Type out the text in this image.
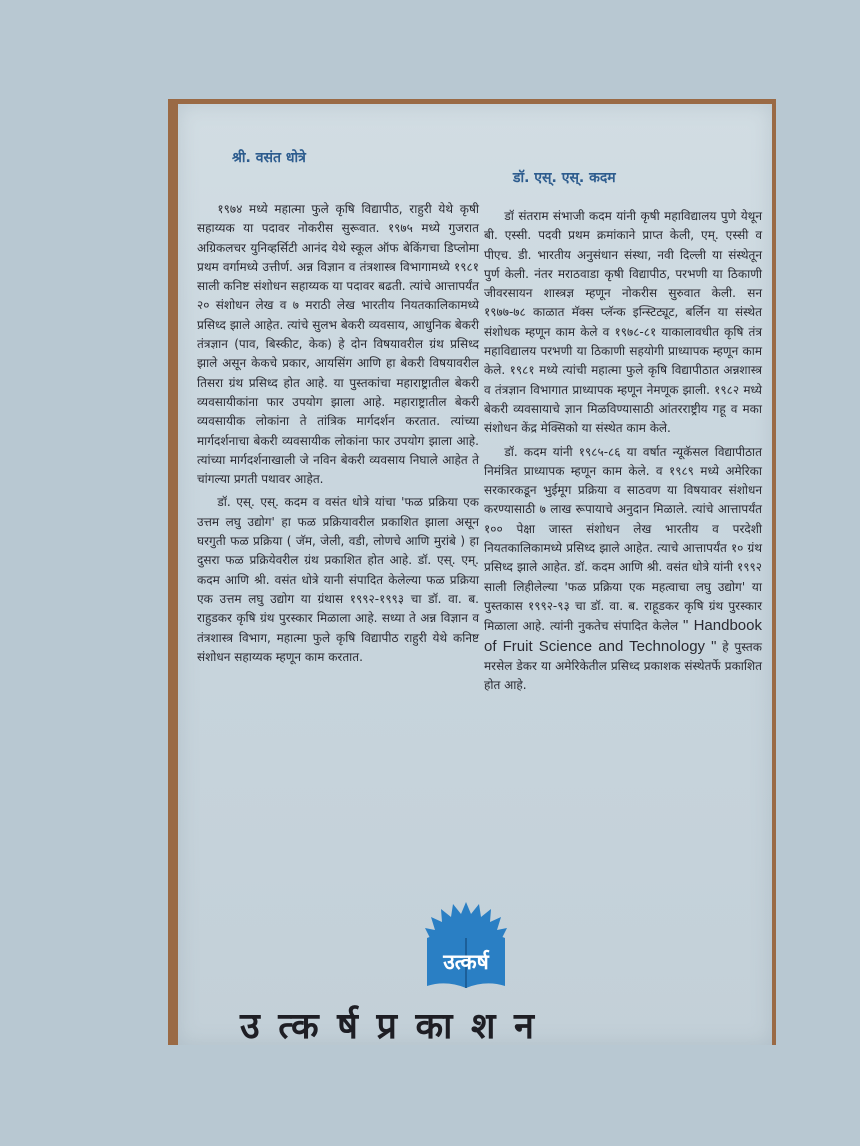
श्री. वसंत धोत्रे
डॉ. एस्. एस्. कदम

१९७४ मध्ये महात्मा फुले कृषि विद्यापीठ, राहुरी येथे कृषी सहाय्यक या पदावर नोकरीस सुरूवात. १९७५ मध्ये गुजरात अग्रिकलचर युनिव्हर्सिटी आनंद येथे स्कूल ऑफ बेकिंगचा डिप्लोमा प्रथम वर्गामध्ये उत्तीर्ण. अन्न विज्ञान व तंत्रशास्त्र विभागामध्ये १९८१ साली कनिष्ट संशोधन सहाय्यक या पदावर बढती. त्यांचे आत्तापर्यंत २० संशोधन लेख व ७ मराठी लेख भारतीय नियतकालिकामध्ये प्रसिध्द झाले आहेत. त्यांचे सुलभ बेकरी व्यवसाय, आधुनिक बेकरी तंत्रज्ञान (पाव, बिस्कीट, केक) हे दोन विषयावरील ग्रंथ प्रसिध्द झाले असून केकचे प्रकार, आयसिंग आणि हा बेकरी विषयावरील तिसरा ग्रंथ प्रसिध्द होत आहे. या पुस्तकांचा महाराष्ट्रातील बेकरी व्यवसायीकांना फार उपयोग झाला आहे. महाराष्ट्रातील बेकरी व्यवसायीक लोकांना ते तांत्रिक मार्गदर्शन करतात. त्यांच्या मार्गदर्शनाचा बेकरी व्यवसायीक लोकांना फार उपयोग झाला आहे. त्यांच्या मार्गदर्शनाखाली जे नविन बेकरी व्यवसाय निघाले आहेत ते चांगल्या प्रगती पथावर आहेत.

डॉ. एस्. एस्. कदम व वसंत धोत्रे यांचा 'फळ प्रक्रिया एक उत्तम लघु उद्योग' हा फळ प्रक्रियावरील प्रकाशित झाला असून घरगुती फळ प्रक्रिया ( जॅम, जेली, वडी, लोणचे आणि मुरांबे ) हा दुसरा फळ प्रक्रियेवरील ग्रंथ प्रकाशित होत आहे. डॉ. एस्. एम्. कदम आणि श्री. वसंत धोत्रे यानी संपादित केलेल्या फळ प्रक्रिया एक उत्तम लघु उद्योग या ग्रंथास १९९२-१९९३ चा डॉ. वा. ब. राहुडकर कृषि ग्रंथ पुरस्कार मिळाला आहे. सध्या ते अन्न विज्ञान व तंत्रशास्त्र विभाग, महात्मा फुले कृषि विद्यापीठ राहुरी येथे कनिष्ट संशोधन सहाय्यक म्हणून काम करतात.

डॉ संतराम संभाजी कदम यांनी कृषी महाविद्यालय पुणे येथून बी. एस्सी. पदवी प्रथम क्रमांकाने प्राप्त केली, एम्. एस्सी व पीएच. डी. भारतीय अनुसंधान संस्था, नवी दिल्ली या संस्थेतून पुर्ण केली. नंतर मराठवाडा कृषी विद्यापीठ, परभणी या ठिकाणी जीवरसायन शास्त्रज्ञ म्हणून नोकरीस सुरुवात केली. सन १९७७-७८ काळात मॅक्स प्लॅन्क इन्स्टिट्यूट, बर्लिन या संस्थेत संशोधक म्हणून काम केले व १९७८-८१ याकालावधीत कृषि तंत्र महाविद्यालय परभणी या ठिकाणी सहयोगी प्राध्यापक म्हणून काम केले. १९८१ मध्ये त्यांची महात्मा फुले कृषि विद्यापीठात अन्नशास्त्र व तंत्रज्ञान विभागात प्राध्यापक म्हणून नेमणूक झाली. १९८२ मध्ये बेकरी व्यवसायाचे ज्ञान मिळविण्यासाठी आंतरराष्ट्रीय गहू व मका संशोधन केंद्र मेक्सिको या संस्थेत काम केले.

डॉ. कदम यांनी १९८५-८६ या वर्षात न्यूकॅसल विद्यापीठात निमंत्रित प्राध्यापक म्हणून काम केले. व १९८९ मध्ये अमेरिका सरकारकडून भुईमूग प्रक्रिया व साठवण या विषयावर संशोधन करण्यासाठी ७ लाख रूपायाचे अनुदान मिळाले. त्यांचे आत्तापर्यंत १०० पेक्षा जास्त संशोधन लेख भारतीय व परदेशी नियतकालिकामध्ये प्रसिध्द झाले आहेत. त्याचे आत्तापर्यंत १० ग्रंथ प्रसिध्द झाले आहेत. डॉ. कदम आणि श्री. वसंत धोत्रे यांनी १९९२ साली लिहीलेल्या 'फळ प्रक्रिया एक महत्वाचा लघु उद्योग' या पुस्तकास १९९२-९३ चा डॉ. वा. ब. राहूडकर कृषि ग्रंथ पुरस्कार मिळाला आहे. त्यांनी नुकतेच संपादित केलेल " Handbook of Fruit Science and Technology " हे पुस्तक मरसेल डेकर या अमेरिकेतील प्रसिध्द प्रकाशक संस्थेतर्फे प्रकाशित होत आहे.

उत्कर्ष
उ त्क र्ष प्र का श न
